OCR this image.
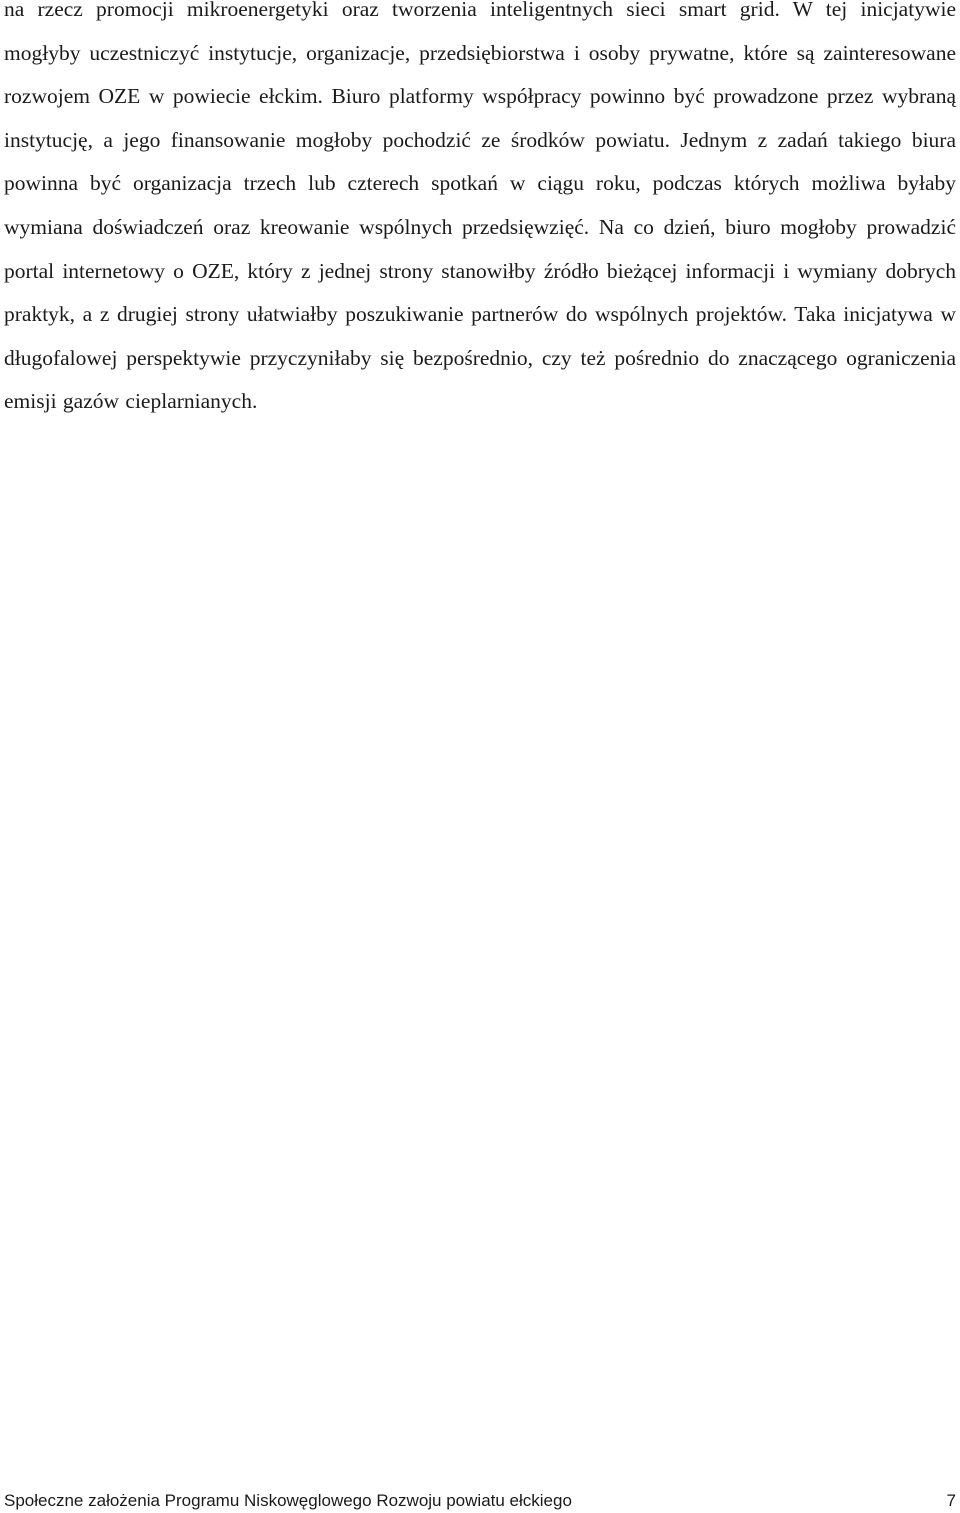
na rzecz promocji mikroenergetyki oraz tworzenia inteligentnych sieci smart grid. W tej inicjatywie mogłyby uczestniczyć instytucje, organizacje, przedsiębiorstwa i osoby prywatne, które są zainteresowane rozwojem OZE w powiecie ełckim. Biuro platformy współpracy powinno być prowadzone przez wybraną instytucję, a jego finansowanie mogłoby pochodzić ze środków powiatu. Jednym z zadań takiego biura powinna być organizacja trzech lub czterech spotkań w ciągu roku, podczas których możliwa byłaby wymiana doświadczeń oraz kreowanie wspólnych przedsięwzięć. Na co dzień, biuro mogłoby prowadzić portal internetowy o OZE, który z jednej strony stanowiłby źródło bieżącej informacji i wymiany dobrych praktyk, a z drugiej strony ułatwiałby poszukiwanie partnerów do wspólnych projektów. Taka inicjatywa w długofalowej perspektywie przyczyniłaby się bezpośrednio, czy też pośrednio do znaczącego ograniczenia emisji gazów cieplarnianych.

Społeczne założenia Programu Niskowęglowego Rozwoju powiatu ełckiego	7
